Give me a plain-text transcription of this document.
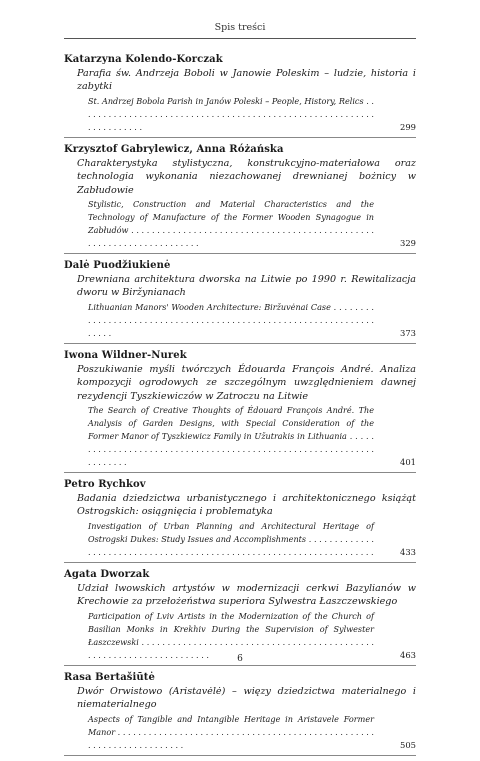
Spis treści
Katarzyna Kolendo-Korczak
Parafia św. Andrzeja Boboli w Janowie Poleskim – ludzie, historia i zabytki
St. Andrzej Bobola Parish in Janów Poleski – People, History, Relics . . .
299
Krzysztof Gabrylewicz, Anna Różańska
Charakterystyka stylistyczna, konstrukcyjno-materiałowa oraz technologia wykonania niezachowanej drewnianej bożnicy w Zabłudowie
Stylistic, Construction and Material Characteristics and the Technology of Manufacture of the Former Wooden Synagogue in Zabłudów . . .
329
Dalė Puodžiukienė
Drewniana architektura dworska na Litwie po 1990 r. Rewitalizacja dworu w Biržynianach
Lithuanian Manors' Wooden Architecture: Biržuvėnai Case . . .
373
Iwona Wildner-Nurek
Poszukiwanie myśli twórczych Édouarda François André. Analiza kompozycji ogrodowych ze szczególnym uwzględnieniem dawnej rezydencji Tyszkiewiczów w Zatroczu na Litwie
The Search of Creative Thoughts of Édouard François André. The Analysis of Garden Designs, with Special Consideration of the Former Manor of Tyszkiewicz Family in Užutrakis in Lithuania . . .
401
Petro Rychkov
Badania dziedzictwa urbanistycznego i architektonicznego książąt Ostrogskich: osiągnięcia i problematyka
Investigation of Urban Planning and Architectural Heritage of Ostrogski Dukes: Study Issues and Accomplishments . . .
433
Agata Dworzak
Udział lwowskich artystów w modernizacji cerkwi Bazylianów w Krechowie za przełożeństwa superiora Sylwestra Łaszczewskiego
Participation of Lviv Artists in the Modernization of the Church of Basilian Monks in Krekhiv During the Supervision of Sylwester Łaszczewski . . .
463
Rasa Bertašiūtė
Dwór Orwistowo (Aristavėlė) – więzy dziedzictwa materialnego i niematerialnego
Aspects of Tangible and Intangible Heritage in Aristavele Former Manor . . .
505
6
